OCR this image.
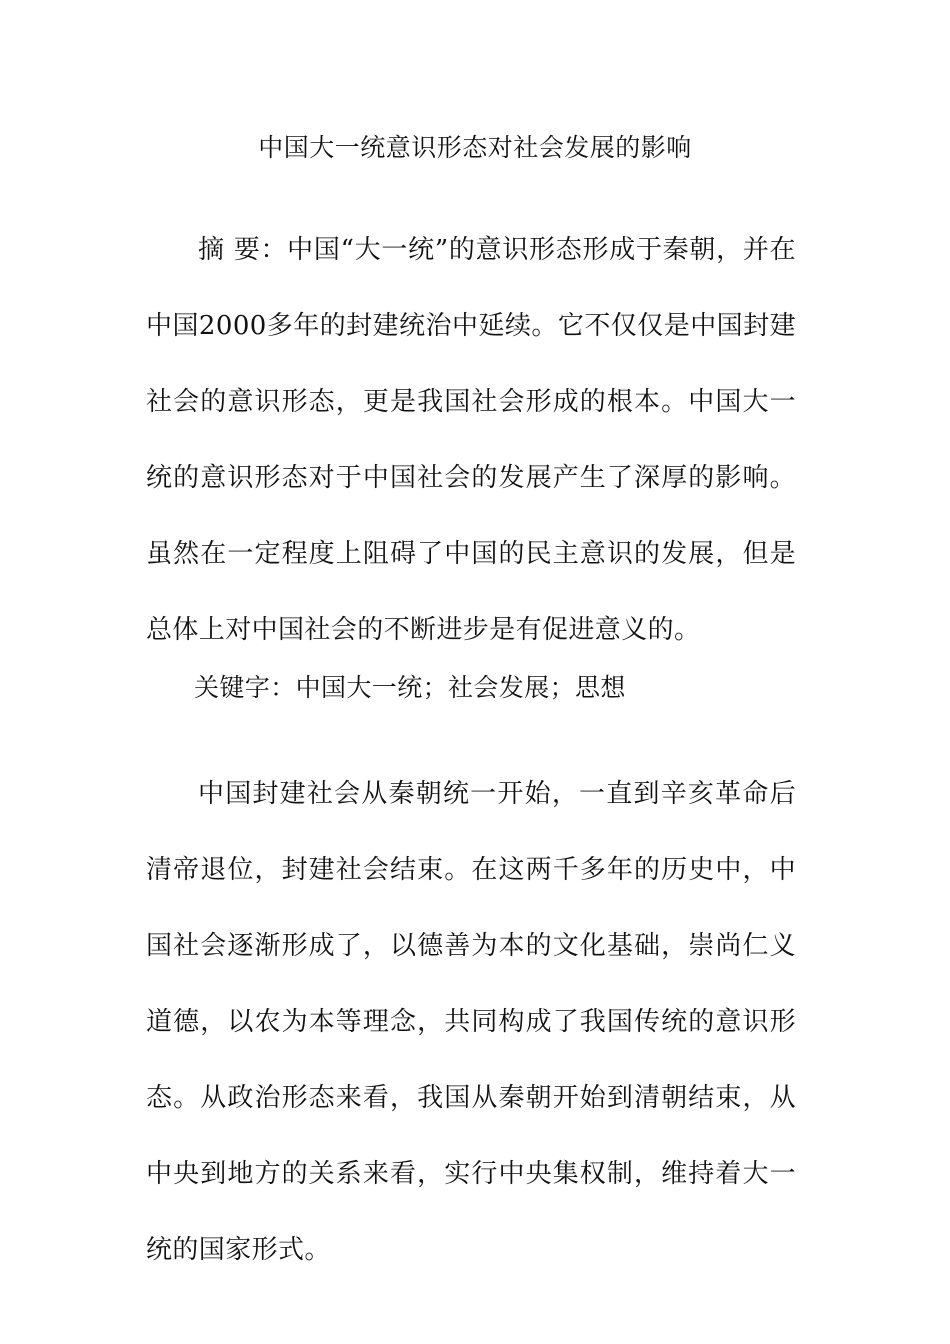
中国大一统意识形态对社会发展的影响
摘 要：中国“大一统”的意识形态形成于秦朝，并在中国2000多年的封建统治中延续。它不仅仅是中国封建社会的意识形态，更是我国社会形成的根本。中国大一统的意识形态对于中国社会的发展产生了深厚的影响。虽然在一定程度上阻碍了中国的民主意识的发展，但是总体上对中国社会的不断进步是有促进意义的。
关键字：中国大一统；社会发展；思想
中国封建社会从秦朝统一开始，一直到辛亥革命后清帝退位，封建社会结束。在这两千多年的历史中，中国社会逐渐形成了，以德善为本的文化基础，崇尚仁义道德，以农为本等理念，共同构成了我国传统的意识形态。从政治形态来看，我国从秦朝开始到清朝结束，从中央到地方的关系来看，实行中央集权制，维持着大一统的国家形式。
